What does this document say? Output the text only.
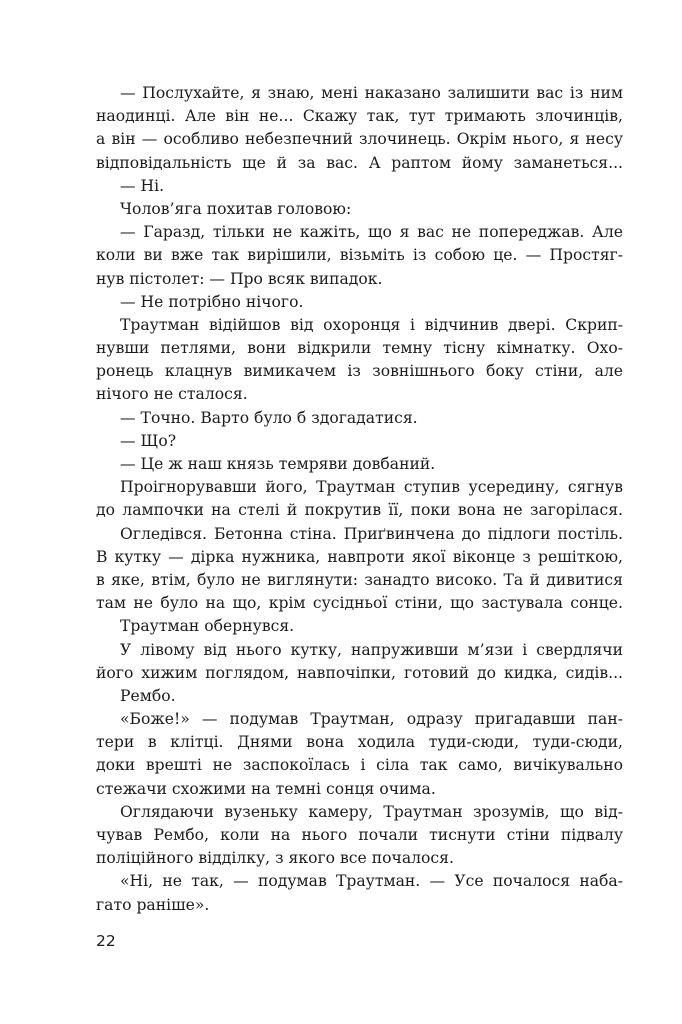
— Послухайте, я знаю, мені наказано залишити вас із ним
наодинці. Але він не... Скажу так, тут тримають злочинців,
а він — особливо небезпечний злочинець. Окрім нього, я несу
відповідальність ще й за вас. А раптом йому заманеться...
— Ні.
Чолов’яга похитав головою:
— Гаразд, тільки не кажіть, що я вас не попереджав. Але
коли ви вже так вирішили, візьміть із собою це. — Простяг-
нув пістолет: — Про всяк випадок.
— Не потрібно нічого.
Траутман відійшов від охоронця і відчинив двері. Скрип-
нувши петлями, вони відкрили темну тісну кімнатку. Охо-
ронець клацнув вимикачем із зовнішнього боку стіни, але
нічого не сталося.
— Точно. Варто було б здогадатися.
— Що?
— Це ж наш князь темряви довбаний.
Проігнорувавши його, Траутман ступив усередину, сягнув
до лампочки на стелі й покрутив її, поки вона не загорілася.
Огледівся. Бетонна стіна. Приґвинчена до підлоги постіль.
В кутку — дірка нужника, навпроти якої віконце з решіткою,
в яке, втім, було не виглянути: занадто високо. Та й дивитися
там не було на що, крім сусідньої стіни, що застувала сонце.
Траутман обернувся.
У лівому від нього кутку, напруживши м’язи і свердлячи
його хижим поглядом, навпочіпки, готовий до кидка, сидів...
Рембо.
«Боже!» — подумав Траутман, одразу пригадавши пан-
тери в клітці. Днями вона ходила туди-сюди, туди-сюди,
доки врешті не заспокоїлась і сіла так само, вичікувально
стежачи схожими на темні сонця очима.
Оглядаючи вузеньку камеру, Траутман зрозумів, що від-
чував Рембо, коли на нього почали тиснути стіни підвалу
поліційного відділку, з якого все почалося.
«Ні, не так, — подумав Траутман. — Усе почалося наба-
гато раніше».
22
